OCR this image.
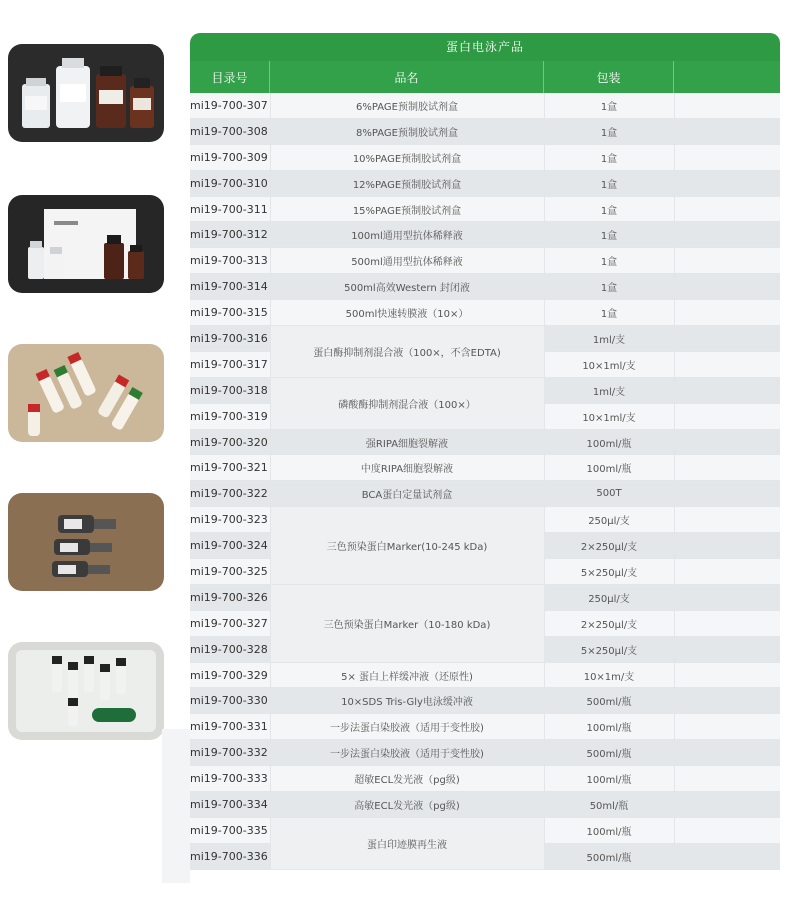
蛋白电泳产品
目录号	品名	包装
mi19-700-307	6%PAGE预制胶试剂盒	1盒	
mi19-700-308	8%PAGE预制胶试剂盒	1盒	
mi19-700-309	10%PAGE预制胶试剂盒	1盒	
mi19-700-310	12%PAGE预制胶试剂盒	1盒	
mi19-700-311	15%PAGE预制胶试剂盒	1盒	
mi19-700-312	100ml通用型抗体稀释液	1盒	
mi19-700-313	500ml通用型抗体稀释液	1盒	
mi19-700-314	500ml高效Western 封闭液	1盒	
mi19-700-315	500ml快速转膜液（10×）	1盒	
mi19-700-316	蛋白酶抑制剂混合液（100×，不含EDTA)	1ml/支	
mi19-700-317		10×1ml/支	
mi19-700-318	磷酸酶抑制剂混合液（100×）	1ml/支	
mi19-700-319		10×1ml/支	
mi19-700-320	强RIPA细胞裂解液	100ml/瓶	
mi19-700-321	中度RIPA细胞裂解液	100ml/瓶	
mi19-700-322	BCA蛋白定量试剂盒	500T	
mi19-700-323	三色预染蛋白Marker(10-245 kDa)	250μl/支	
mi19-700-324		2×250μl/支	
mi19-700-325		5×250μl/支	
mi19-700-326	三色预染蛋白Marker（10-180 kDa)	250μl/支	
mi19-700-327		2×250μl/支	
mi19-700-328		5×250μl/支	
mi19-700-329	5× 蛋白上样缓冲液（还原性)	10×1m/支	
mi19-700-330	10×SDS Tris-Gly电泳缓冲液	500ml/瓶	
mi19-700-331	一步法蛋白染胶液（适用于变性胶)	100ml/瓶	
mi19-700-332	一步法蛋白染胶液（适用于变性胶)	500ml/瓶	
mi19-700-333	超敏ECL发光液（pg级)	100ml/瓶	
mi19-700-334	高敏ECL发光液（pg级)	50ml/瓶	
mi19-700-335	蛋白印迹膜再生液	100ml/瓶	
mi19-700-336		500ml/瓶	
